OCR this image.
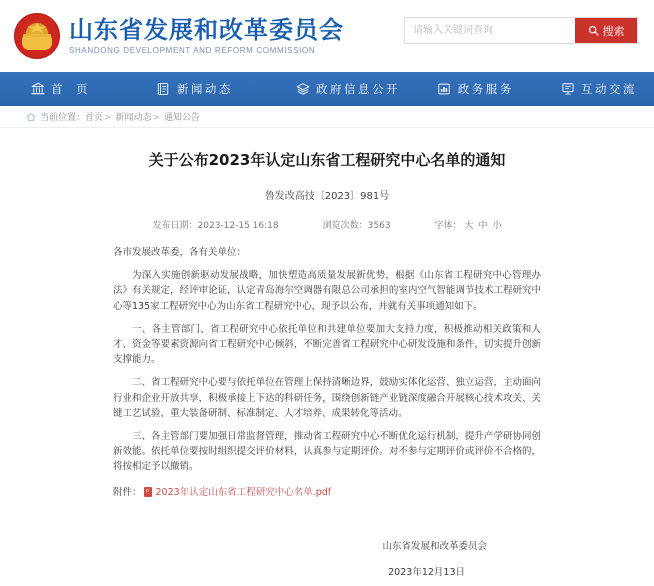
山东省发展和改革委员会
SHANDONG DEVELOPMENT AND REFORM COMMISSION
请输入关键词查询
搜索
首 页	新闻动态	政府信息公开	政务服务	互动交流
当前位置：首页> 新闻动态> 通知公告
关于公布2023年认定山东省工程研究中心名单的通知
鲁发改高技〔2023〕981号
发布日期：2023-12-15 16:18	浏览次数：3563	字体： 大 中 小

各市发展改革委，各有关单位：

为深入实施创新驱动发展战略，加快塑造高质量发展新优势，根据《山东省工程研究中心管理办法》有关规定，经评审论证，认定青岛海尔空调器有限总公司承担的室内空气智能调节技术工程研究中心等135家工程研究中心为山东省工程研究中心，现予以公布，并就有关事项通知如下。

一、各主管部门、省工程研究中心依托单位和共建单位要加大支持力度，积极推动相关政策和人才、资金等要素资源向省工程研究中心倾斜，不断完善省工程研究中心研发设施和条件，切实提升创新支撑能力。

二、省工程研究中心要与依托单位在管理上保持清晰边界，鼓励实体化运营、独立运营，主动面向行业和企业开放共享，积极承接上下达的科研任务，围绕创新链产业链深度融合开展核心技术攻关、关键工艺试验、重大装备研制、标准制定、人才培养、成果转化等活动。

三、各主管部门要加强日常监督管理，推动省工程研究中心不断优化运行机制，提升产学研协同创新效能。依托单位要按时组织提交评价材料，认真参与定期评价。对不参与定期评价或评价不合格的，将按相定予以撤销。

附件： P 2023年认定山东省工程研究中心名单.pdf
山东省发展和改革委员会
2023年12月13日
